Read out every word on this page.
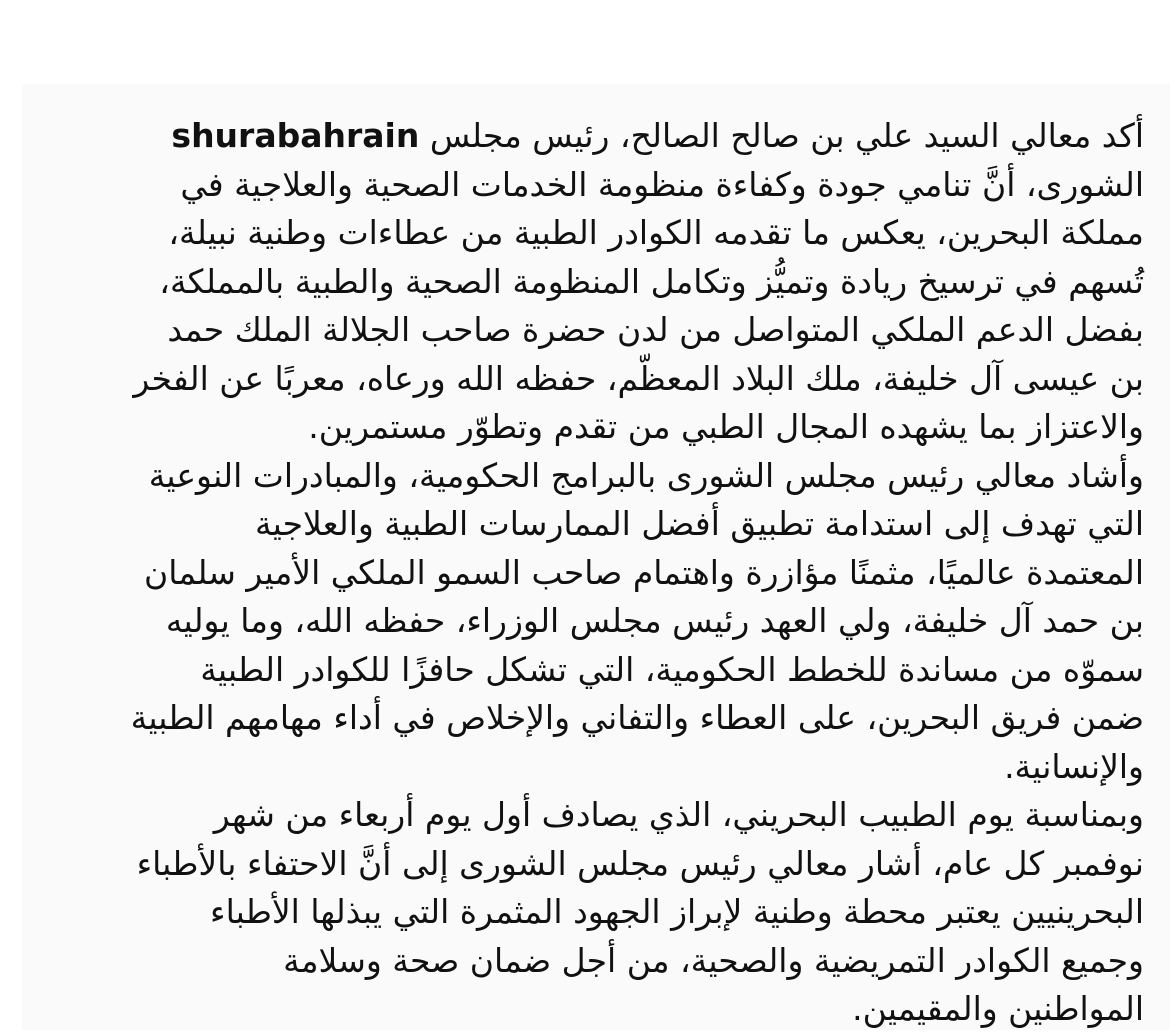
أكد معالي السيد علي بن صالح الصالح، رئيس مجلس shurabahrain
الشورى، أنَّ تنامي جودة وكفاءة منظومة الخدمات الصحية والعلاجية في
مملكة البحرين، يعكس ما تقدمه الكوادر الطبية من عطاءات وطنية نبيلة،
تُسهم في ترسيخ ريادة وتميُّز وتكامل المنظومة الصحية والطبية بالمملكة،
بفضل الدعم الملكي المتواصل من لدن حضرة صاحب الجلالة الملك حمد
بن عيسى آل خليفة، ملك البلاد المعظّم، حفظه الله ورعاه، معربًا عن الفخر
والاعتزاز بما يشهده المجال الطبي من تقدم وتطوّر مستمرين.
وأشاد معالي رئيس مجلس الشورى بالبرامج الحكومية، والمبادرات النوعية
التي تهدف إلى استدامة تطبيق أفضل الممارسات الطبية والعلاجية
المعتمدة عالميًا، مثمنًا مؤازرة واهتمام صاحب السمو الملكي الأمير سلمان
بن حمد آل خليفة، ولي العهد رئيس مجلس الوزراء، حفظه الله، وما يوليه
سموّه من مساندة للخطط الحكومية، التي تشكل حافزًا للكوادر الطبية
ضمن فريق البحرين، على العطاء والتفاني والإخلاص في أداء مهامهم الطبية
والإنسانية.
وبمناسبة يوم الطبيب البحريني، الذي يصادف أول يوم أربعاء من شهر
نوفمبر كل عام، أشار معالي رئيس مجلس الشورى إلى أنَّ الاحتفاء بالأطباء
البحرينيين يعتبر محطة وطنية لإبراز الجهود المثمرة التي يبذلها الأطباء
وجميع الكوادر التمريضية والصحية، من أجل ضمان صحة وسلامة
المواطنين والمقيمين.
